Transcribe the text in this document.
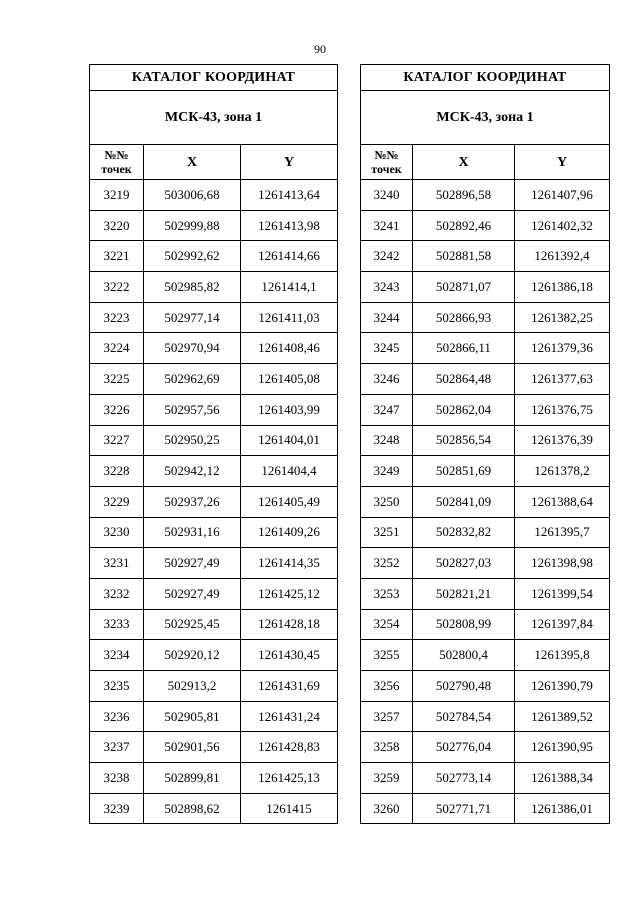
90
КАТАЛОГ КООРДИНАТ		
МСК-43, зона 1		
№№
точек	X	Y
3219	503006,68	1261413,64
3220	502999,88	1261413,98
3221	502992,62	1261414,66
3222	502985,82	1261414,1
3223	502977,14	1261411,03
3224	502970,94	1261408,46
3225	502962,69	1261405,08
3226	502957,56	1261403,99
3227	502950,25	1261404,01
3228	502942,12	1261404,4
3229	502937,26	1261405,49
3230	502931,16	1261409,26
3231	502927,49	1261414,35
3232	502927,49	1261425,12
3233	502925,45	1261428,18
3234	502920,12	1261430,45
3235	502913,2	1261431,69
3236	502905,81	1261431,24
3237	502901,56	1261428,83
3238	502899,81	1261425,13
3239	502898,62	1261415
КАТАЛОГ КООРДИНАТ		
МСК-43, зона 1		
№№
точек	X	Y
3240	502896,58	1261407,96
3241	502892,46	1261402,32
3242	502881,58	1261392,4
3243	502871,07	1261386,18
3244	502866,93	1261382,25
3245	502866,11	1261379,36
3246	502864,48	1261377,63
3247	502862,04	1261376,75
3248	502856,54	1261376,39
3249	502851,69	1261378,2
3250	502841,09	1261388,64
3251	502832,82	1261395,7
3252	502827,03	1261398,98
3253	502821,21	1261399,54
3254	502808,99	1261397,84
3255	502800,4	1261395,8
3256	502790,48	1261390,79
3257	502784,54	1261389,52
3258	502776,04	1261390,95
3259	502773,14	1261388,34
3260	502771,71	1261386,01
